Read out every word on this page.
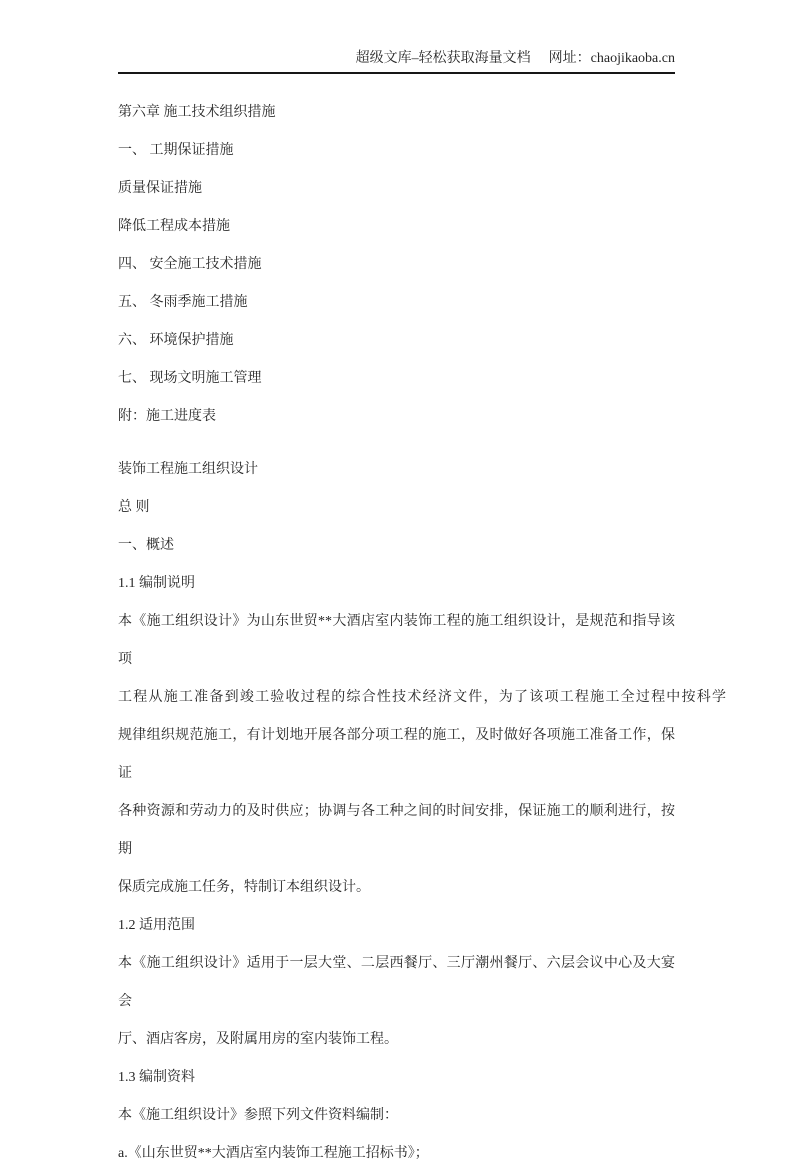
超级文库–轻松获取海量文档 网址：chaojikaoba.cn

第六章 施工技术组织措施

一、 工期保证措施

质量保证措施

降低工程成本措施

四、 安全施工技术措施

五、 冬雨季施工措施

六、 环境保护措施

七、 现场文明施工管理

附：施工进度表

装饰工程施工组织设计

总 则

一、概述

1.1 编制说明

本《施工组织设计》为山东世贸**大酒店室内装饰工程的施工组织设计，是规范和指导该项

工程从施工准备到竣工验收过程的综合性技术经济文件，为了该项工程施工全过程中按科学

规律组织规范施工，有计划地开展各部分项工程的施工，及时做好各项施工准备工作，保证

各种资源和劳动力的及时供应；协调与各工种之间的时间安排，保证施工的顺利进行，按期

保质完成施工任务，特制订本组织设计。

1.2 适用范围

本《施工组织设计》适用于一层大堂、二层西餐厅、三厅潮州餐厅、六层会议中心及大宴会

厅、酒店客房，及附属用房的室内装饰工程。

1.3 编制资料

本《施工组织设计》参照下列文件资料编制：

a.《山东世贸**大酒店室内装饰工程施工招标书》；
